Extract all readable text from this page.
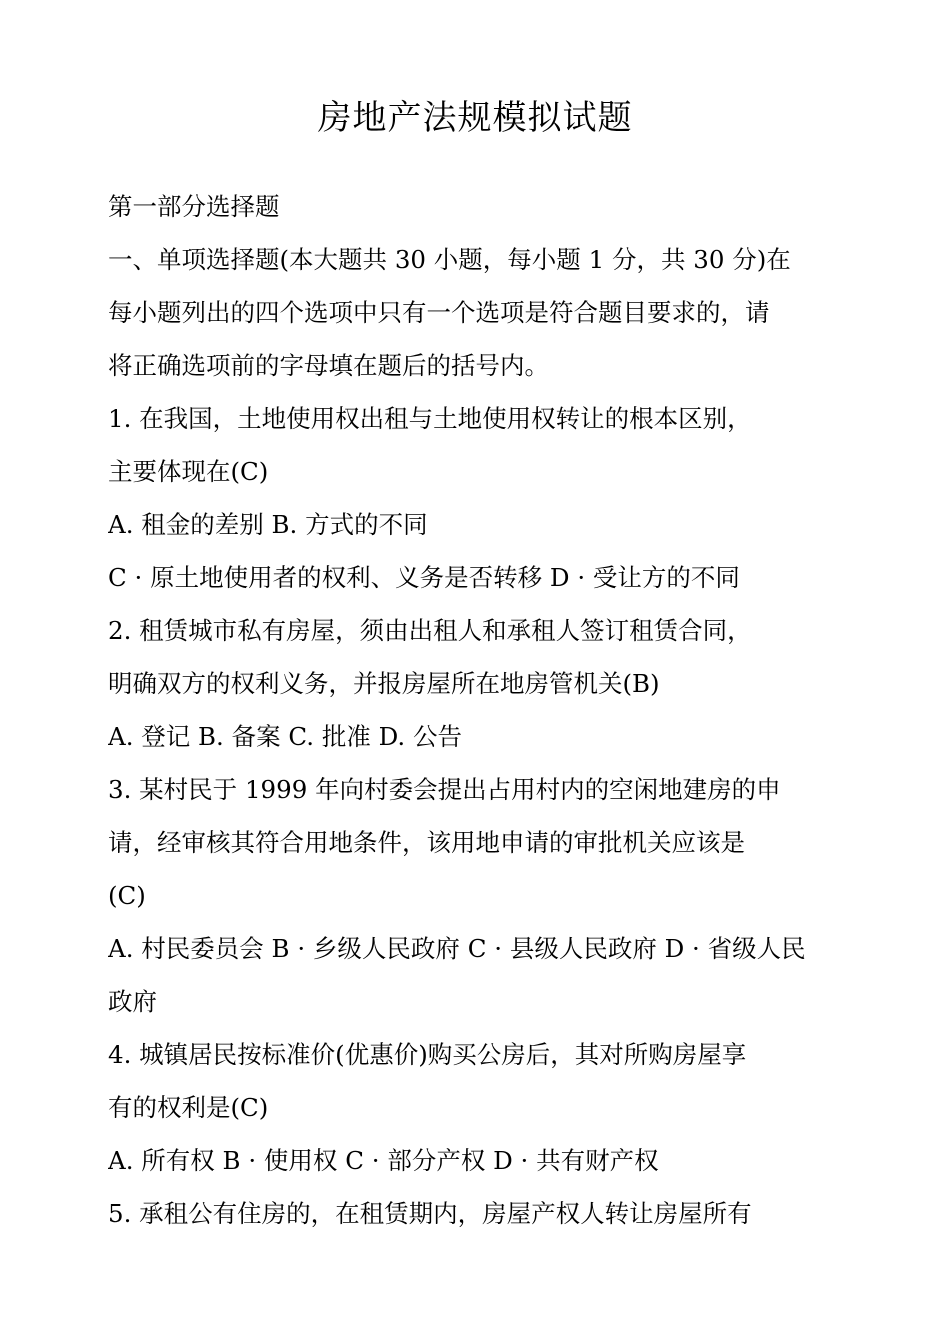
房地产法规模拟试题
第一部分选择题
一、单项选择题(本大题共 30 小题，每小题 1 分，共 30 分)在
每小题列出的四个选项中只有一个选项是符合题目要求的，请
将正确选项前的字母填在题后的括号内。
1. 在我国，土地使用权出租与土地使用权转让的根本区别，
主要体现在(C)
A. 租金的差别 B. 方式的不同
C · 原土地使用者的权利、义务是否转移 D · 受让方的不同
2. 租赁城市私有房屋，须由出租人和承租人签订租赁合同，
明确双方的权利义务，并报房屋所在地房管机关(B)
A. 登记 B. 备案 C. 批准 D. 公告
3. 某村民于 1999 年向村委会提出占用村内的空闲地建房的申
请，经审核其符合用地条件，该用地申请的审批机关应该是
(C)
A. 村民委员会 B · 乡级人民政府 C · 县级人民政府 D · 省级人民
政府
4. 城镇居民按标准价(优惠价)购买公房后，其对所购房屋享
有的权利是(C)
A. 所有权 B · 使用权 C · 部分产权 D · 共有财产权
5. 承租公有住房的，在租赁期内，房屋产权人转让房屋所有
